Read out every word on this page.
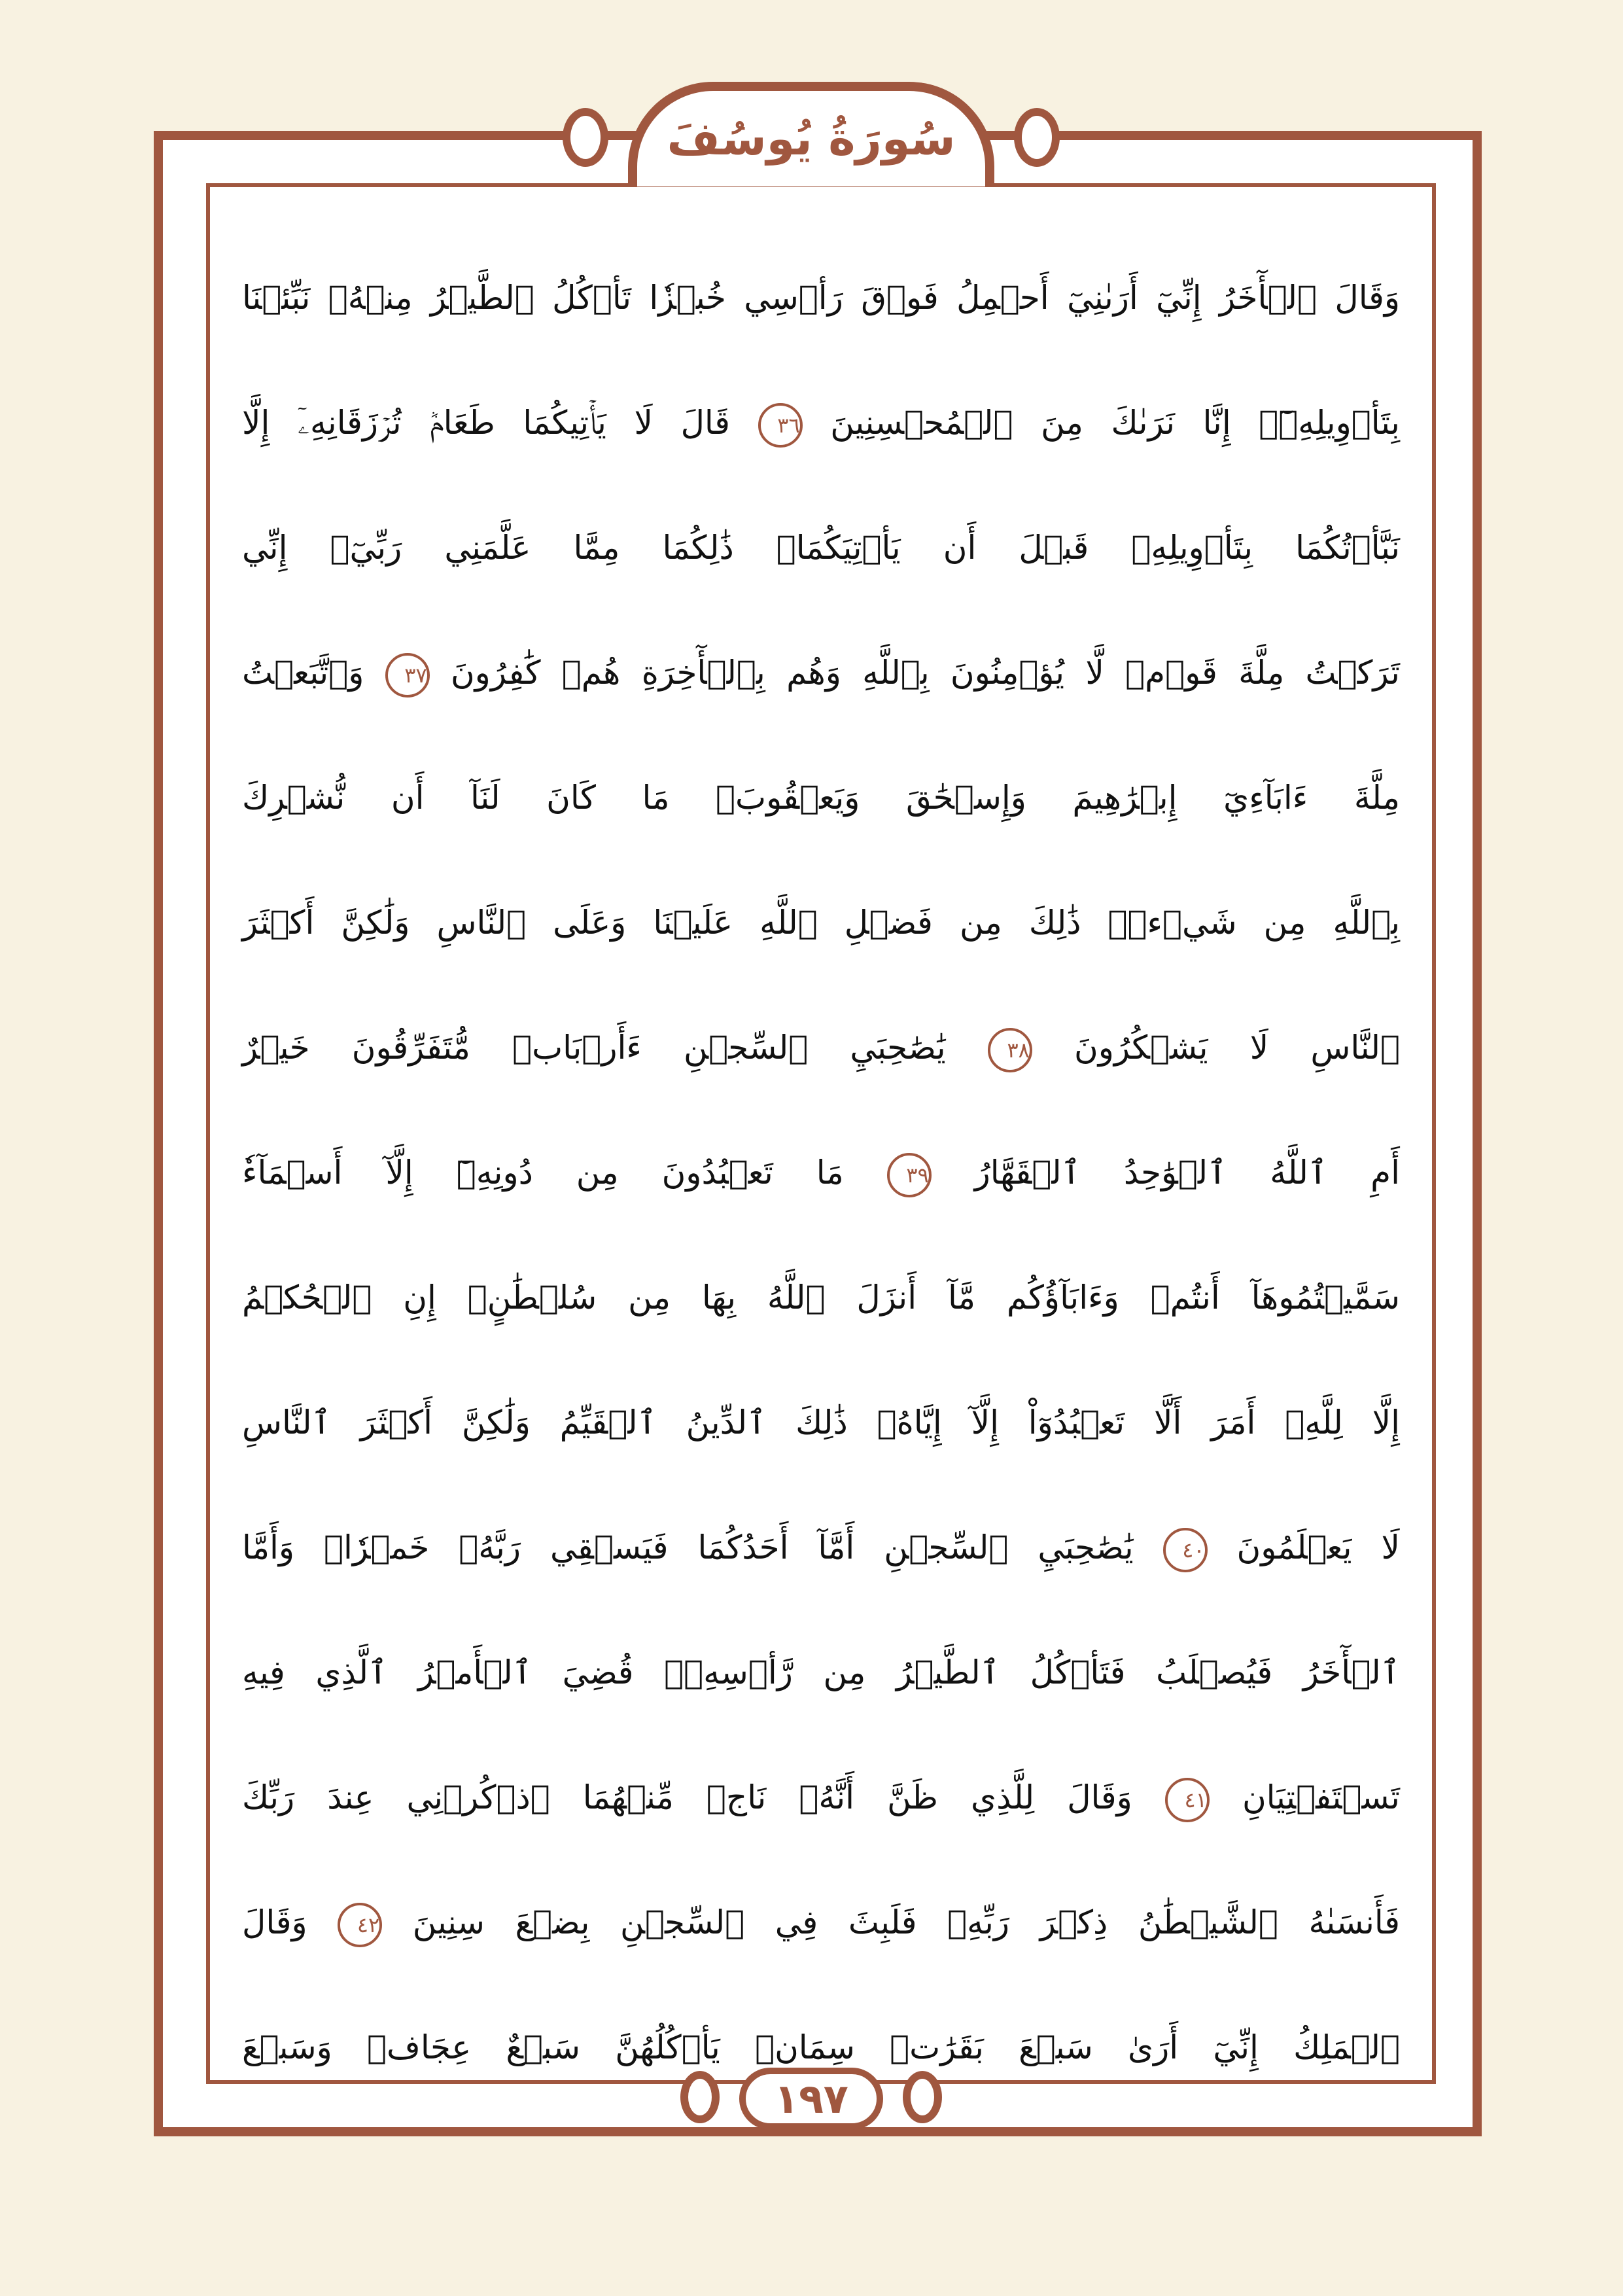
سُورَةُ يُوسُفَ
وَقَالَ ٱلۡأٓخَرُ إِنِّيٓ أَرَىٰنِيٓ أَحۡمِلُ فَوۡقَ رَأۡسِي خُبۡزٗا تَأۡكُلُ ٱلطَّيۡرُ مِنۡهُۖ نَبِّئۡنَا
بِتَأۡوِيلِهِۦٓۖ إِنَّا نَرَىٰكَ مِنَ ٱلۡمُحۡسِنِينَ ٣٦ قَالَ لَا يَأۡتِيكُمَا طَعَامٞ تُرۡزَقَانِهِۦٓ إِلَّا
نَبَّأۡتُكُمَا بِتَأۡوِيلِهِۦ قَبۡلَ أَن يَأۡتِيَكُمَاۚ ذَٰلِكُمَا مِمَّا عَلَّمَنِي رَبِّيٓۚ إِنِّي
تَرَكۡتُ مِلَّةَ قَوۡمٖ لَّا يُؤۡمِنُونَ بِٱللَّهِ وَهُم بِٱلۡأٓخِرَةِ هُمۡ كَٰفِرُونَ ٣٧ وَٱتَّبَعۡتُ
مِلَّةَ ءَابَآءِيٓ إِبۡرَٰهِيمَ وَإِسۡحَٰقَ وَيَعۡقُوبَۚ مَا كَانَ لَنَآ أَن نُّشۡرِكَ
بِٱللَّهِ مِن شَيۡءٖۚ ذَٰلِكَ مِن فَضۡلِ ٱللَّهِ عَلَيۡنَا وَعَلَى ٱلنَّاسِ وَلَٰكِنَّ أَكۡثَرَ
ٱلنَّاسِ لَا يَشۡكُرُونَ ٣٨ يَٰصَٰحِبَيِ ٱلسِّجۡنِ ءَأَرۡبَابٞ مُّتَفَرِّقُونَ خَيۡرٌ
أَمِ ٱللَّهُ ٱلۡوَٰحِدُ ٱلۡقَهَّارُ ٣٩ مَا تَعۡبُدُونَ مِن دُونِهِۦٓ إِلَّآ أَسۡمَآءٗ
سَمَّيۡتُمُوهَآ أَنتُمۡ وَءَابَآؤُكُم مَّآ أَنزَلَ ٱللَّهُ بِهَا مِن سُلۡطَٰنٍۚ إِنِ ٱلۡحُكۡمُ
إِلَّا لِلَّهِۚ أَمَرَ أَلَّا تَعۡبُدُوٓاْ إِلَّآ إِيَّاهُۚ ذَٰلِكَ ٱلدِّينُ ٱلۡقَيِّمُ وَلَٰكِنَّ أَكۡثَرَ ٱلنَّاسِ
لَا يَعۡلَمُونَ ٤٠ يَٰصَٰحِبَيِ ٱلسِّجۡنِ أَمَّآ أَحَدُكُمَا فَيَسۡقِي رَبَّهُۥ خَمۡرٗاۖ وَأَمَّا
ٱلۡأٓخَرُ فَيُصۡلَبُ فَتَأۡكُلُ ٱلطَّيۡرُ مِن رَّأۡسِهِۦۚ قُضِيَ ٱلۡأَمۡرُ ٱلَّذِي فِيهِ
تَسۡتَفۡتِيَانِ ٤١ وَقَالَ لِلَّذِي ظَنَّ أَنَّهُۥ نَاجٖ مِّنۡهُمَا ٱذۡكُرۡنِي عِندَ رَبِّكَ
فَأَنسَىٰهُ ٱلشَّيۡطَٰنُ ذِكۡرَ رَبِّهِۦ فَلَبِثَ فِي ٱلسِّجۡنِ بِضۡعَ سِنِينَ ٤٢ وَقَالَ
ٱلۡمَلِكُ إِنِّيٓ أَرَىٰ سَبۡعَ بَقَرَٰتٖ سِمَانٖ يَأۡكُلُهُنَّ سَبۡعٌ عِجَافٞ وَسَبۡعَ
١٩٧
